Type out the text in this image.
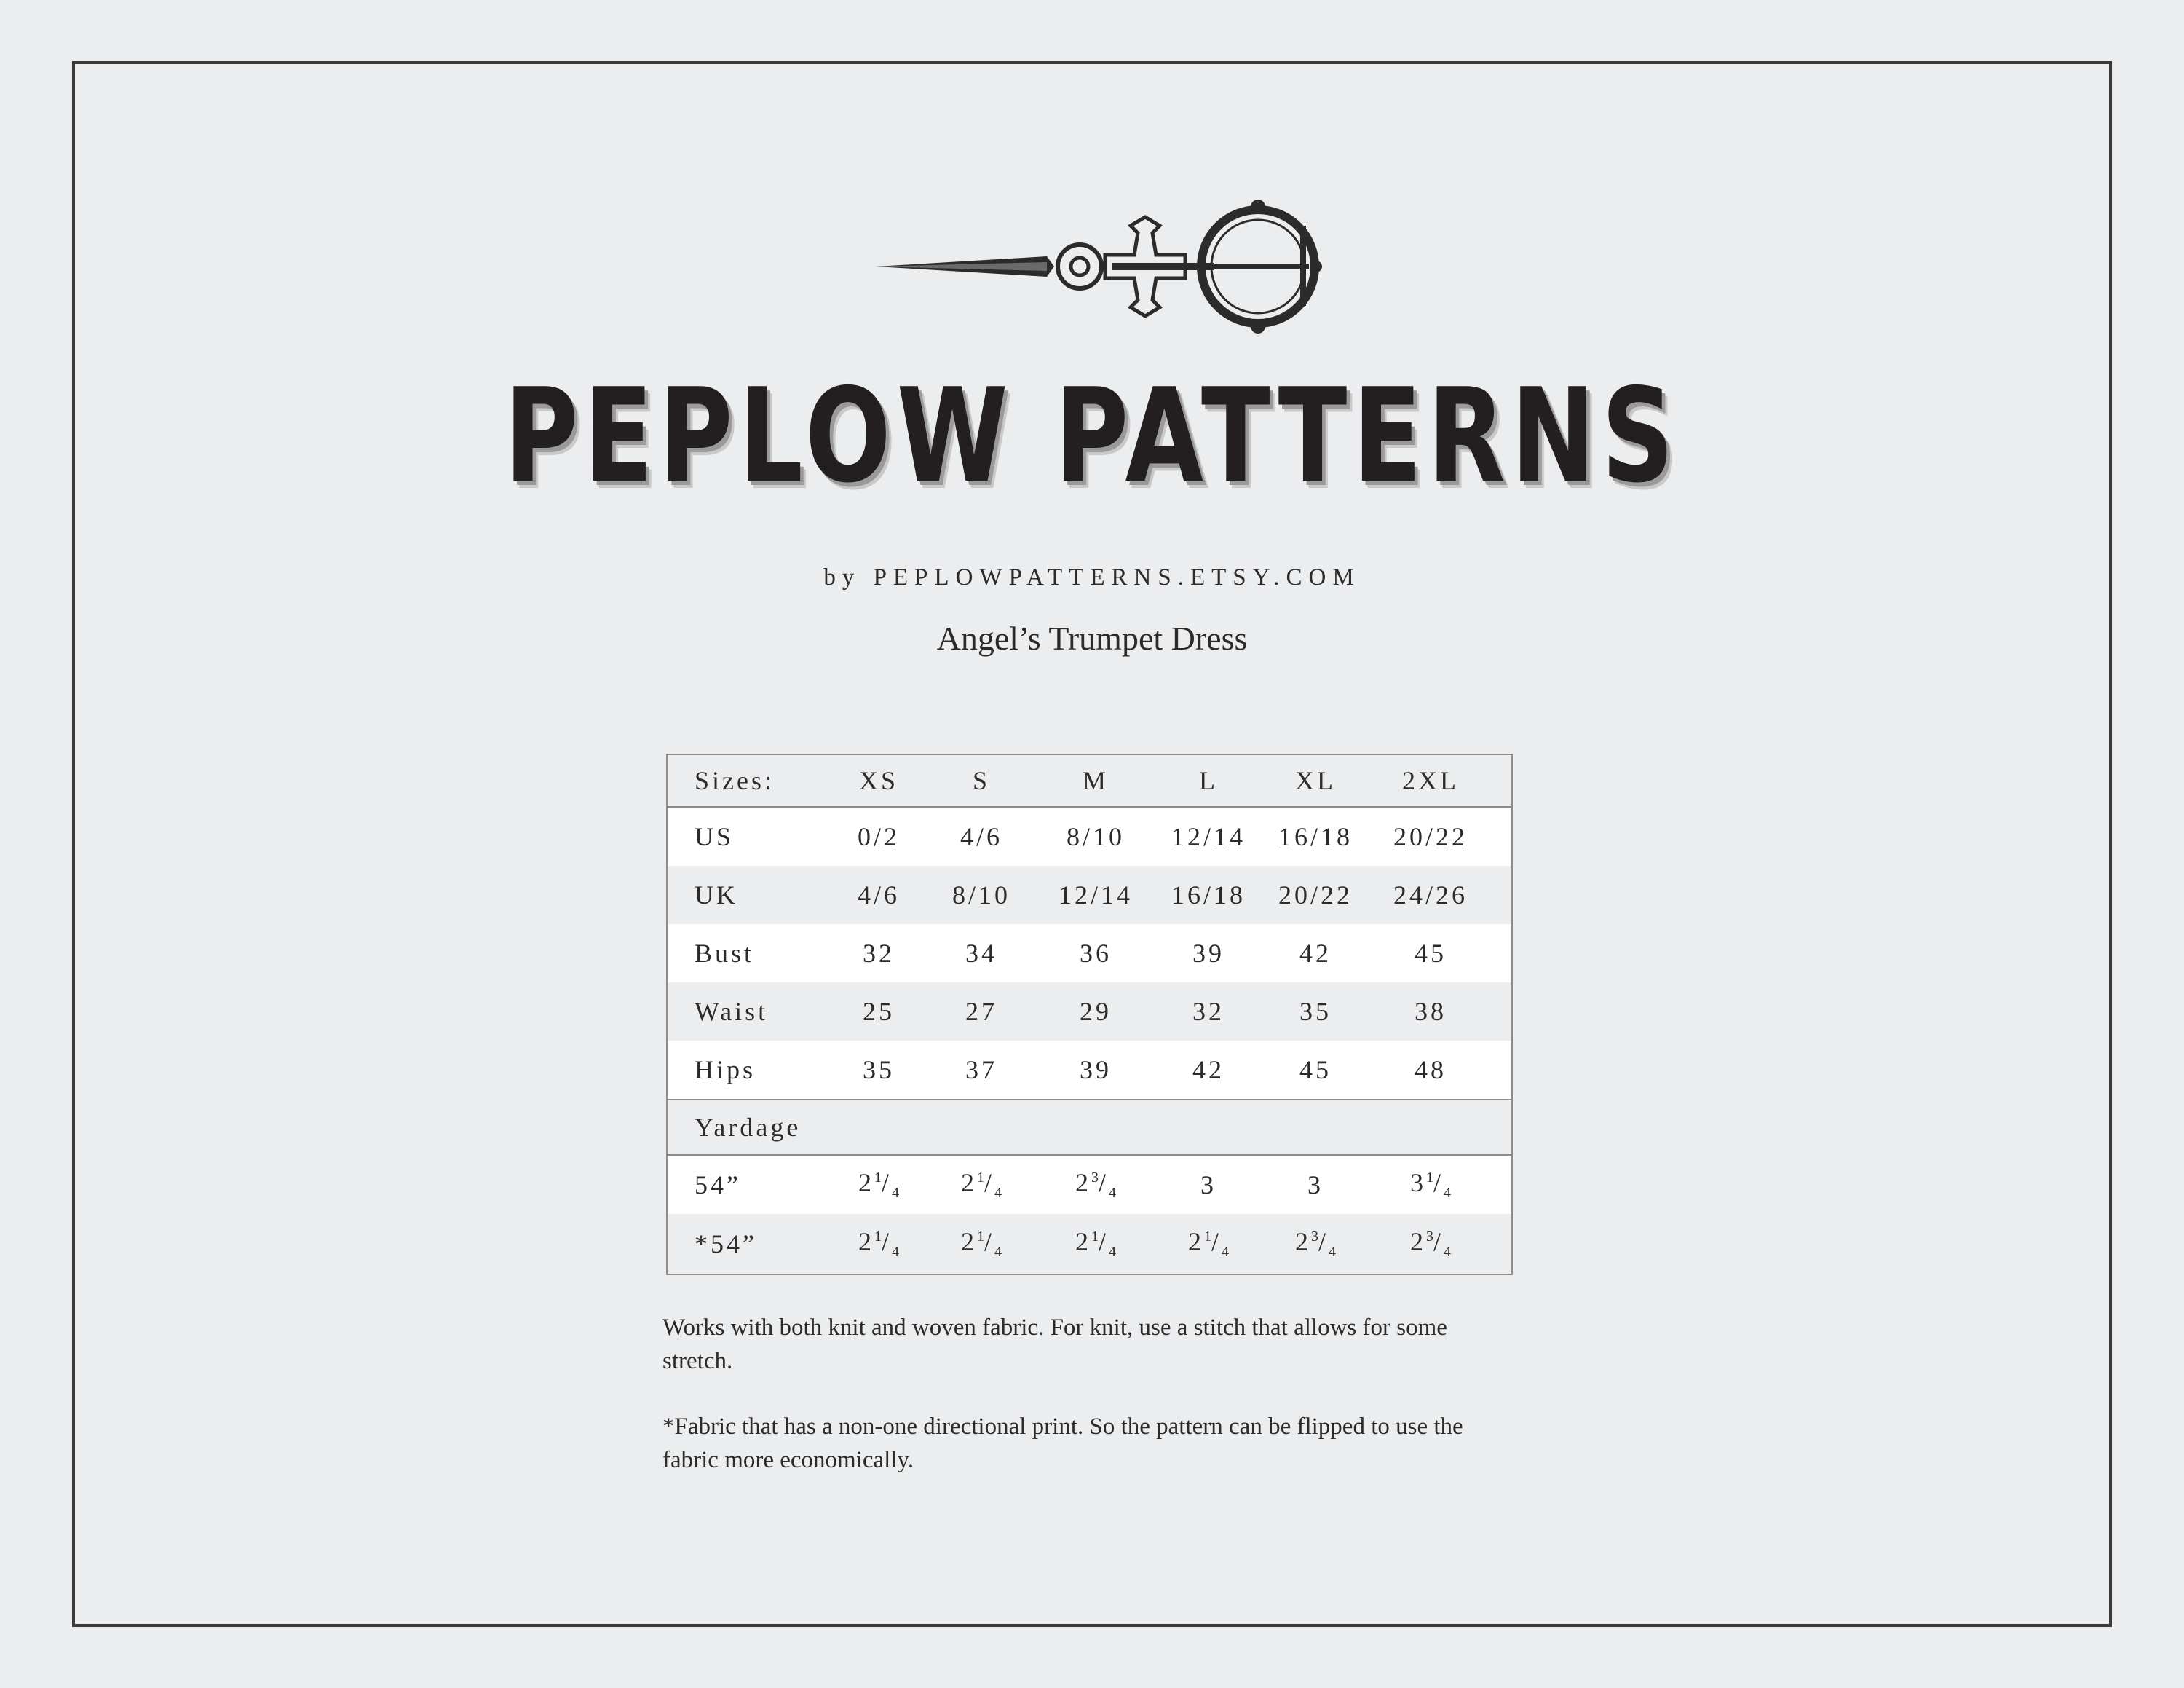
PEPLOW PATTERNS
by PEPLOWPATTERNS.ETSY.COM
Angel’s Trumpet Dress
Sizes:	XS	S	M	L	XL	2XL
US	0/2	4/6	8/10	12/14	16/18	20/22
UK	4/6	8/10	12/14	16/18	20/22	24/26
Bust	32	34	36	39	42	45
Waist	25	27	29	32	35	38
Hips	35	37	39	42	45	48
Yardage
54”	$2^1/_4$	$2^1/_4$	$2^3/_4$	3	3	$3^1/_4$
*54”	$2^1/_4$	$2^1/_4$	$2^1/_4$	$2^1/_4$	$2^3/_4$	$2^3/_4$

Works with both knit and woven fabric. For knit, use a stitch that allows for some stretch.

*Fabric that has a non-one directional print. So the pattern can be flipped to use the fabric more economically.
